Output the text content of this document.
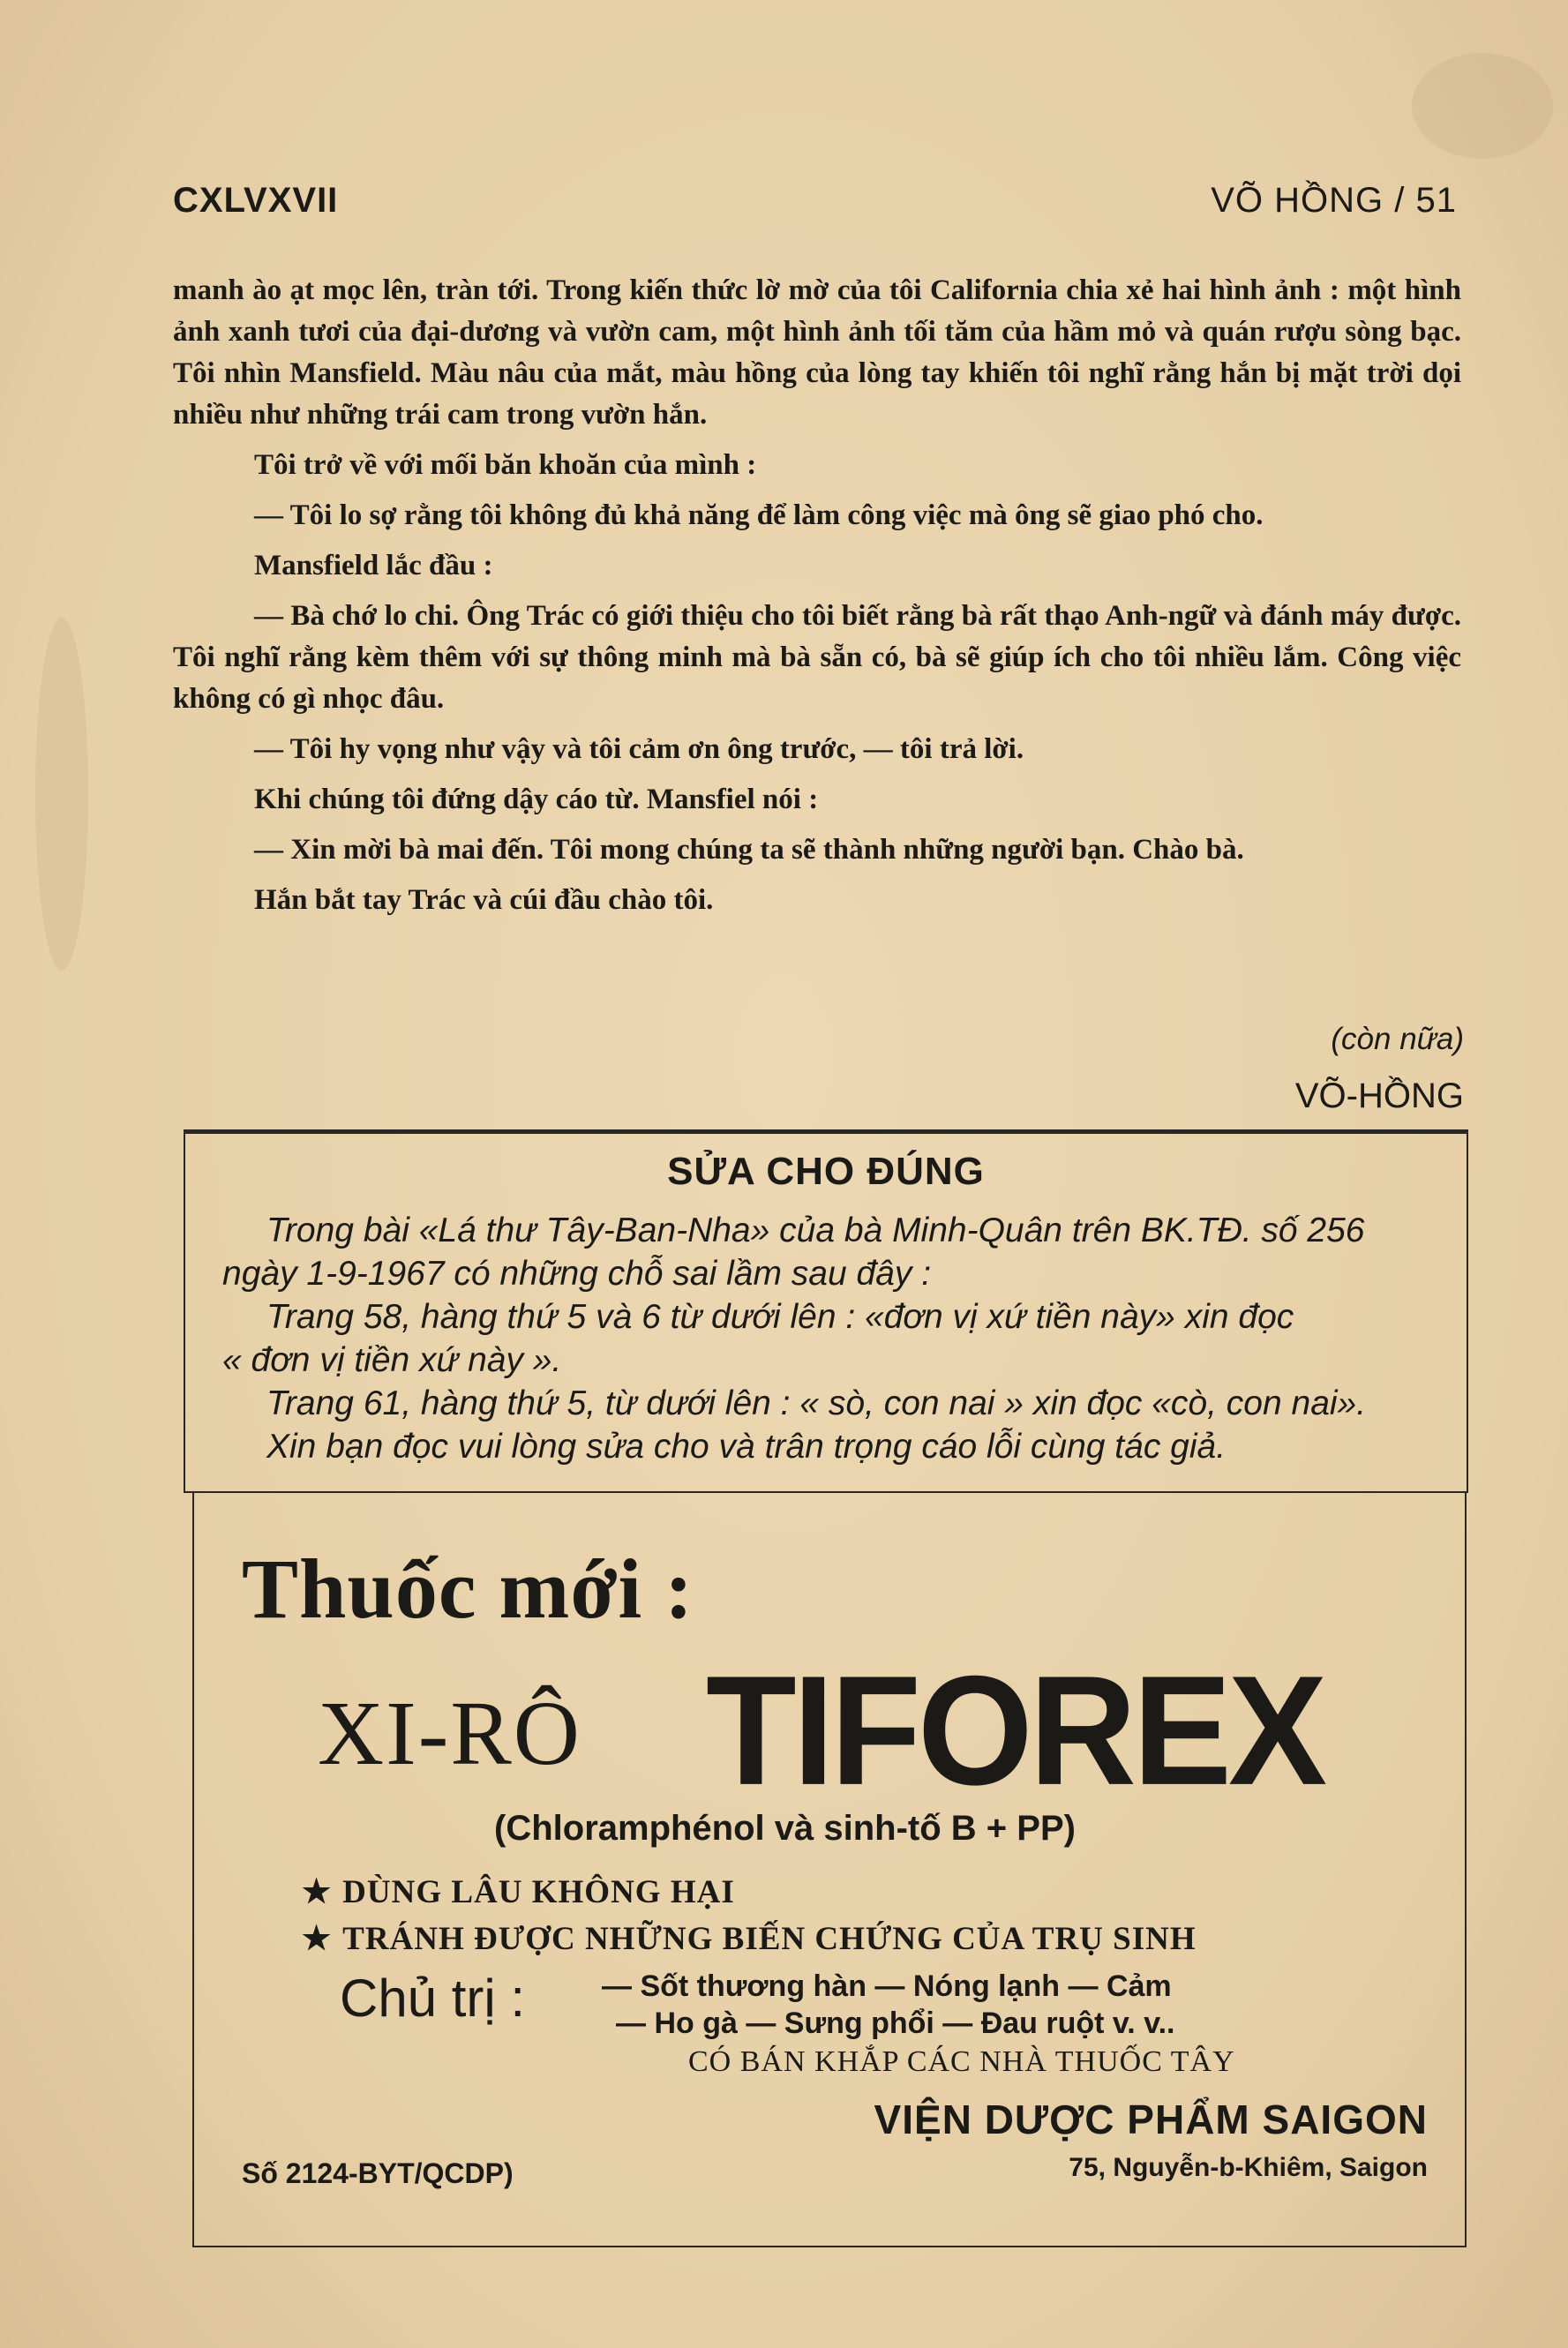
CXLVXVII	VÕ HỒNG / 51

manh ào ạt mọc lên, tràn tới. Trong kiến thức lờ mờ của tôi California chia xẻ hai hình ảnh : một hình ảnh xanh tươi của đại-dương và vườn cam, một hình ảnh tối tăm của hầm mỏ và quán rượu sòng bạc. Tôi nhìn Mansfield. Màu nâu của mắt, màu hồng của lòng tay khiến tôi nghĩ rằng hắn bị mặt trời dọi nhiều như những trái cam trong vườn hắn.

Tôi trở về với mối băn khoăn của mình :

— Tôi lo sợ rằng tôi không đủ khả năng để làm công việc mà ông sẽ giao phó cho.

Mansfield lắc đầu :

— Bà chớ lo chi. Ông Trác có giới thiệu cho tôi biết rằng bà rất thạo Anh-ngữ và đánh máy được. Tôi nghĩ rằng kèm thêm với sự thông minh mà bà sẵn có, bà sẽ giúp ích cho tôi nhiều lắm. Công việc không có gì nhọc đâu.

— Tôi hy vọng như vậy và tôi cảm ơn ông trước, — tôi trả lời.

Khi chúng tôi đứng dậy cáo từ. Mansfiel nói :

— Xin mời bà mai đến. Tôi mong chúng ta sẽ thành những người bạn. Chào bà.

Hắn bắt tay Trác và cúi đầu chào tôi.

(còn nữa)
VÕ-HỒNG
SỬA CHO ĐÚNG
Trong bài «Lá thư Tây-Ban-Nha» của bà Minh-Quân trên BK.TĐ. số 256
ngày 1-9-1967 có những chỗ sai lầm sau đây :
Trang 58, hàng thứ 5 và 6 từ dưới lên : «đơn vị xứ tiền này» xin đọc
« đơn vị tiền xứ này ».
Trang 61, hàng thứ 5, từ dưới lên : « sò, con nai » xin đọc «cò, con nai».
Xin bạn đọc vui lòng sửa cho và trân trọng cáo lỗi cùng tác giả.
Thuốc mới :
XI-RÔ TIFOREX
(Chloramphénol và sinh-tố B + PP)
★ DÙNG LÂU KHÔNG HẠI
★ TRÁNH ĐƯỢC NHỮNG BIẾN CHỨNG CỦA TRỤ SINH
Chủ trị :	— Sốt thương hàn — Nóng lạnh — Cảm
— Ho gà — Sưng phổi — Đau ruột v. v..
CÓ BÁN KHẮP CÁC NHÀ THUỐC TÂY
VIỆN DƯỢC PHẨM SAIGON
Số 2124-BYT/QCDP)	75, Nguyễn-b-Khiêm, Saigon
